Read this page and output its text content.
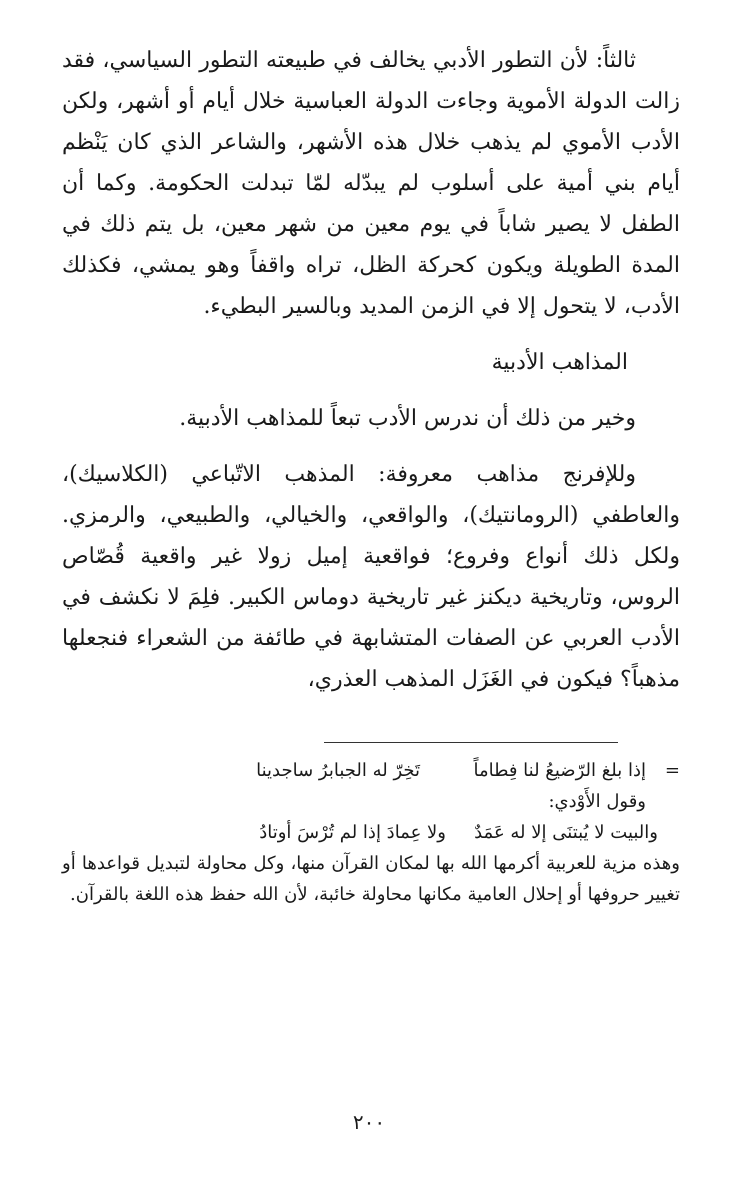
ثالثاً: لأن التطور الأدبي يخالف في طبيعته التطور السياسي، فقد زالت الدولة الأموية وجاءت الدولة العباسية خلال أيام أو أشهر، ولكن الأدب الأموي لم يذهب خلال هذه الأشهر، والشاعر الذي كان يَنْظم أيام بني أمية على أسلوب لم يبدّله لمّا تبدلت الحكومة. وكما أن الطفل لا يصير شاباً في يوم معين من شهر معين، بل يتم ذلك في المدة الطويلة ويكون كحركة الظل، تراه واقفاً وهو يمشي، فكذلك الأدب، لا يتحول إلا في الزمن المديد وبالسير البطيء.

المذاهب الأدبية

وخير من ذلك أن ندرس الأدب تبعاً للمذاهب الأدبية.

وللإفرنج مذاهب معروفة: المذهب الاتّباعي (الكلاسيك)، والعاطفي (الرومانتيك)، والواقعي، والخيالي، والطبيعي، والرمزي. ولكل ذلك أنواع وفروع؛ فواقعية إميل زولا غير واقعية قُصّاص الروس، وتاريخية ديكنز غير تاريخية دوماس الكبير. فلِمَ لا نكشف في الأدب العربي عن الصفات المتشابهة في طائفة من الشعراء فنجعلها مذهباً؟ فيكون في الغَزَل المذهب العذري،

=
إذا بلغ الرّضيعُ لنا فِطاماً
تَخِرّ له الجبابرُ ساجدينا

وقول الأَوْدي:

والبيت لا يُبتنَى إلا له عَمَدٌ
ولا عِمادَ إذا لم تُرْسَ أوتادُ

وهذه مزية للعربية أكرمها الله بها لمكان القرآن منها، وكل محاولة لتبديل قواعدها أو تغيير حروفها أو إحلال العامية مكانها محاولة خائبة، لأن الله حفظ هذه اللغة بالقرآن.

٢٠٠
